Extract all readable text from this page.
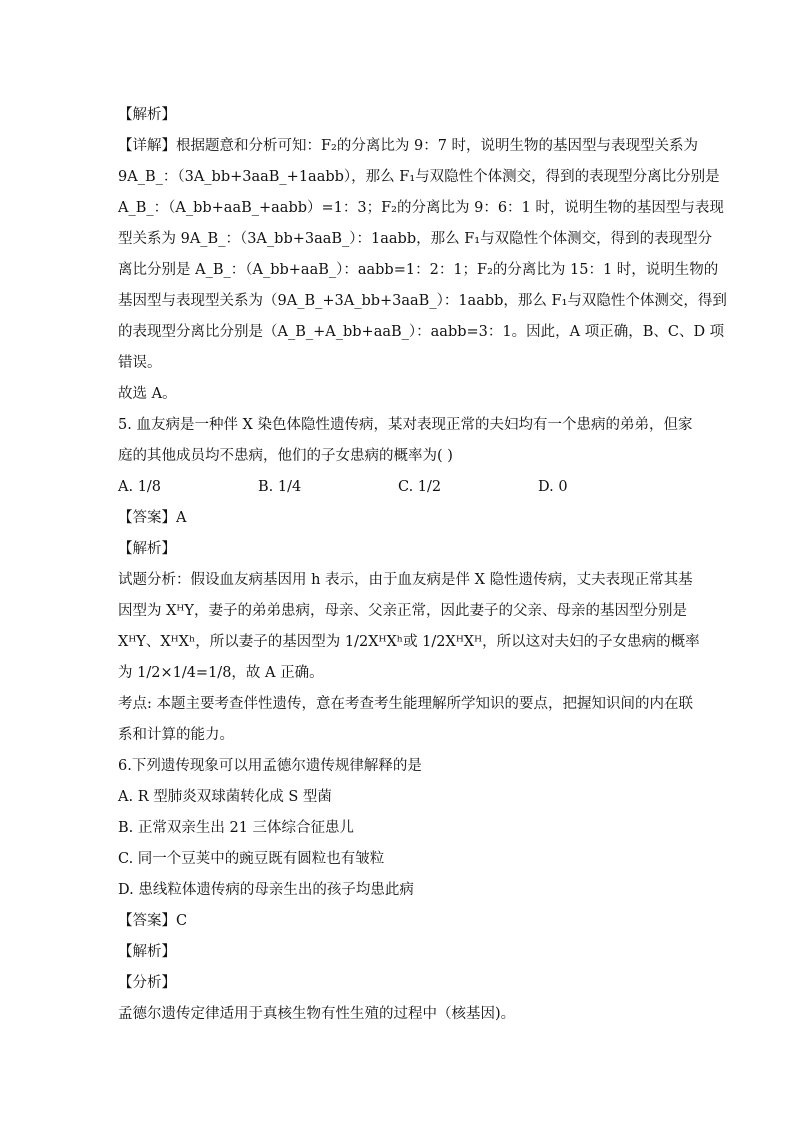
【解析】
【详解】根据题意和分析可知：F₂的分离比为 9：7 时，说明生物的基因型与表现型关系为
9A_B_：（3A_bb+3aaB_+1aabb），那么 F₁与双隐性个体测交，得到的表现型分离比分别是
A_B_：（A_bb+aaB_+aabb）=1：3；F₂的分离比为 9：6：1 时，说明生物的基因型与表现
型关系为 9A_B_：（3A_bb+3aaB_）：1aabb，那么 F₁与双隐性个体测交，得到的表现型分
离比分别是 A_B_：（A_bb+aaB_）：aabb=1：2：1；F₂的分离比为 15：1 时，说明生物的
基因型与表现型关系为（9A_B_+3A_bb+3aaB_）：1aabb，那么 F₁与双隐性个体测交，得到
的表现型分离比分别是（A_B_+A_bb+aaB_）：aabb=3：1。因此，A 项正确，B、C、D 项
错误。
故选 A。
5. 血友病是一种伴 X 染色体隐性遗传病，某对表现正常的夫妇均有一个患病的弟弟，但家
庭的其他成员均不患病，他们的子女患病的概率为( )
A. 1/8	B. 1/4	C. 1/2	D. 0
【答案】A
【解析】
试题分析：假设血友病基因用 h 表示，由于血友病是伴 X 隐性遗传病，丈夫表现正常其基
因型为 XᴴY，妻子的弟弟患病，母亲、父亲正常，因此妻子的父亲、母亲的基因型分别是
XᴴY、XᴴXʰ，所以妻子的基因型为 1/2XᴴXʰ或 1/2XᴴXᴴ，所以这对夫妇的子女患病的概率
为 1/2×1/4=1/8，故 A 正确。
考点: 本题主要考查伴性遗传，意在考查考生能理解所学知识的要点，把握知识间的内在联
系和计算的能力。
6.下列遗传现象可以用孟德尔遗传规律解释的是
A. R 型肺炎双球菌转化成 S 型菌
B. 正常双亲生出 21 三体综合征患儿
C. 同一个豆荚中的豌豆既有圆粒也有皱粒
D. 患线粒体遗传病的母亲生出的孩子均患此病
【答案】C
【解析】
【分析】
孟德尔遗传定律适用于真核生物有性生殖的过程中（核基因)。
